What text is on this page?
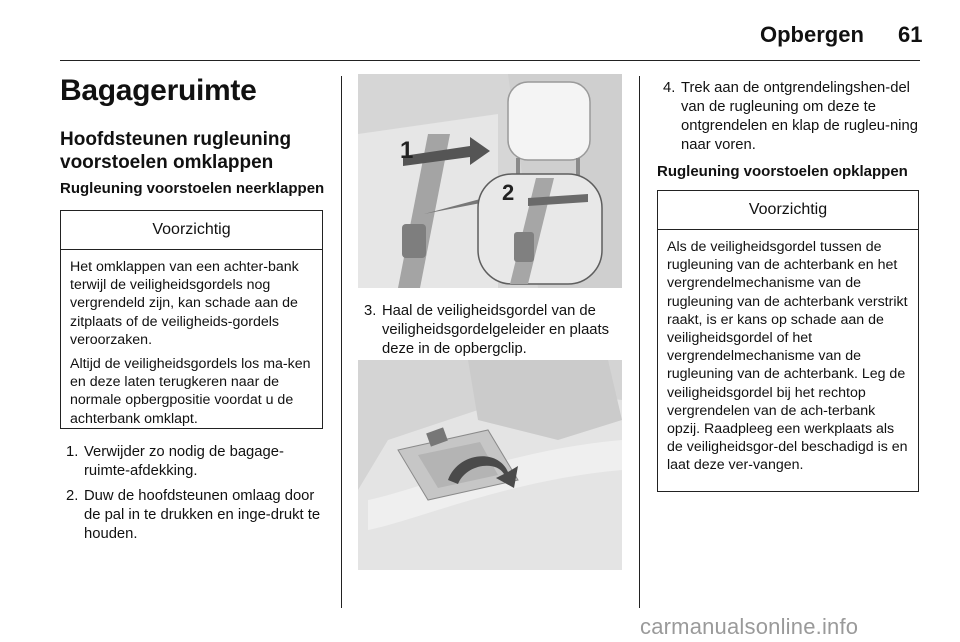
Opbergen 61
Bagageruimte
Hoofdsteunen rugleuning voorstoelen omklappen
Rugleuning voorstoelen neerklappen
Voorzichtig

Het omklappen van een achter-bank terwijl de veiligheidsgordels nog vergrendeld zijn, kan schade aan de zitplaats of de veiligheids-gordels veroorzaken.

Altijd de veiligheidsgordels los ma-ken en deze laten terugkeren naar de normale opbergpositie voordat u de achterbank omklapt.

1. Verwijder zo nodig de bagage-ruimte-afdekking.
2. Duw de hoofdsteunen omlaag door de pal in te drukken en inge-drukt te houden.
1
2
3. Haal de veiligheidsgordel van de veiligheidsgordelgeleider en plaats deze in de opbergclip.
4. Trek aan de ontgrendelingshen-del van de rugleuning om deze te ontgrendelen en klap de rugleu-ning naar voren.
Rugleuning voorstoelen opklappen
Voorzichtig

Als de veiligheidsgordel tussen de rugleuning van de achterbank en het vergrendelmechanisme van de rugleuning van de achterbank verstrikt raakt, is er kans op schade aan de veiligheidsgordel of het vergrendelmechanisme van de rugleuning van de achterbank. Leg de veiligheidsgordel bij het rechtop vergrendelen van de ach-terbank opzij. Raadpleeg een werkplaats als de veiligheidsgor-del beschadigd is en laat deze ver-vangen.

carmanualsonline.info
